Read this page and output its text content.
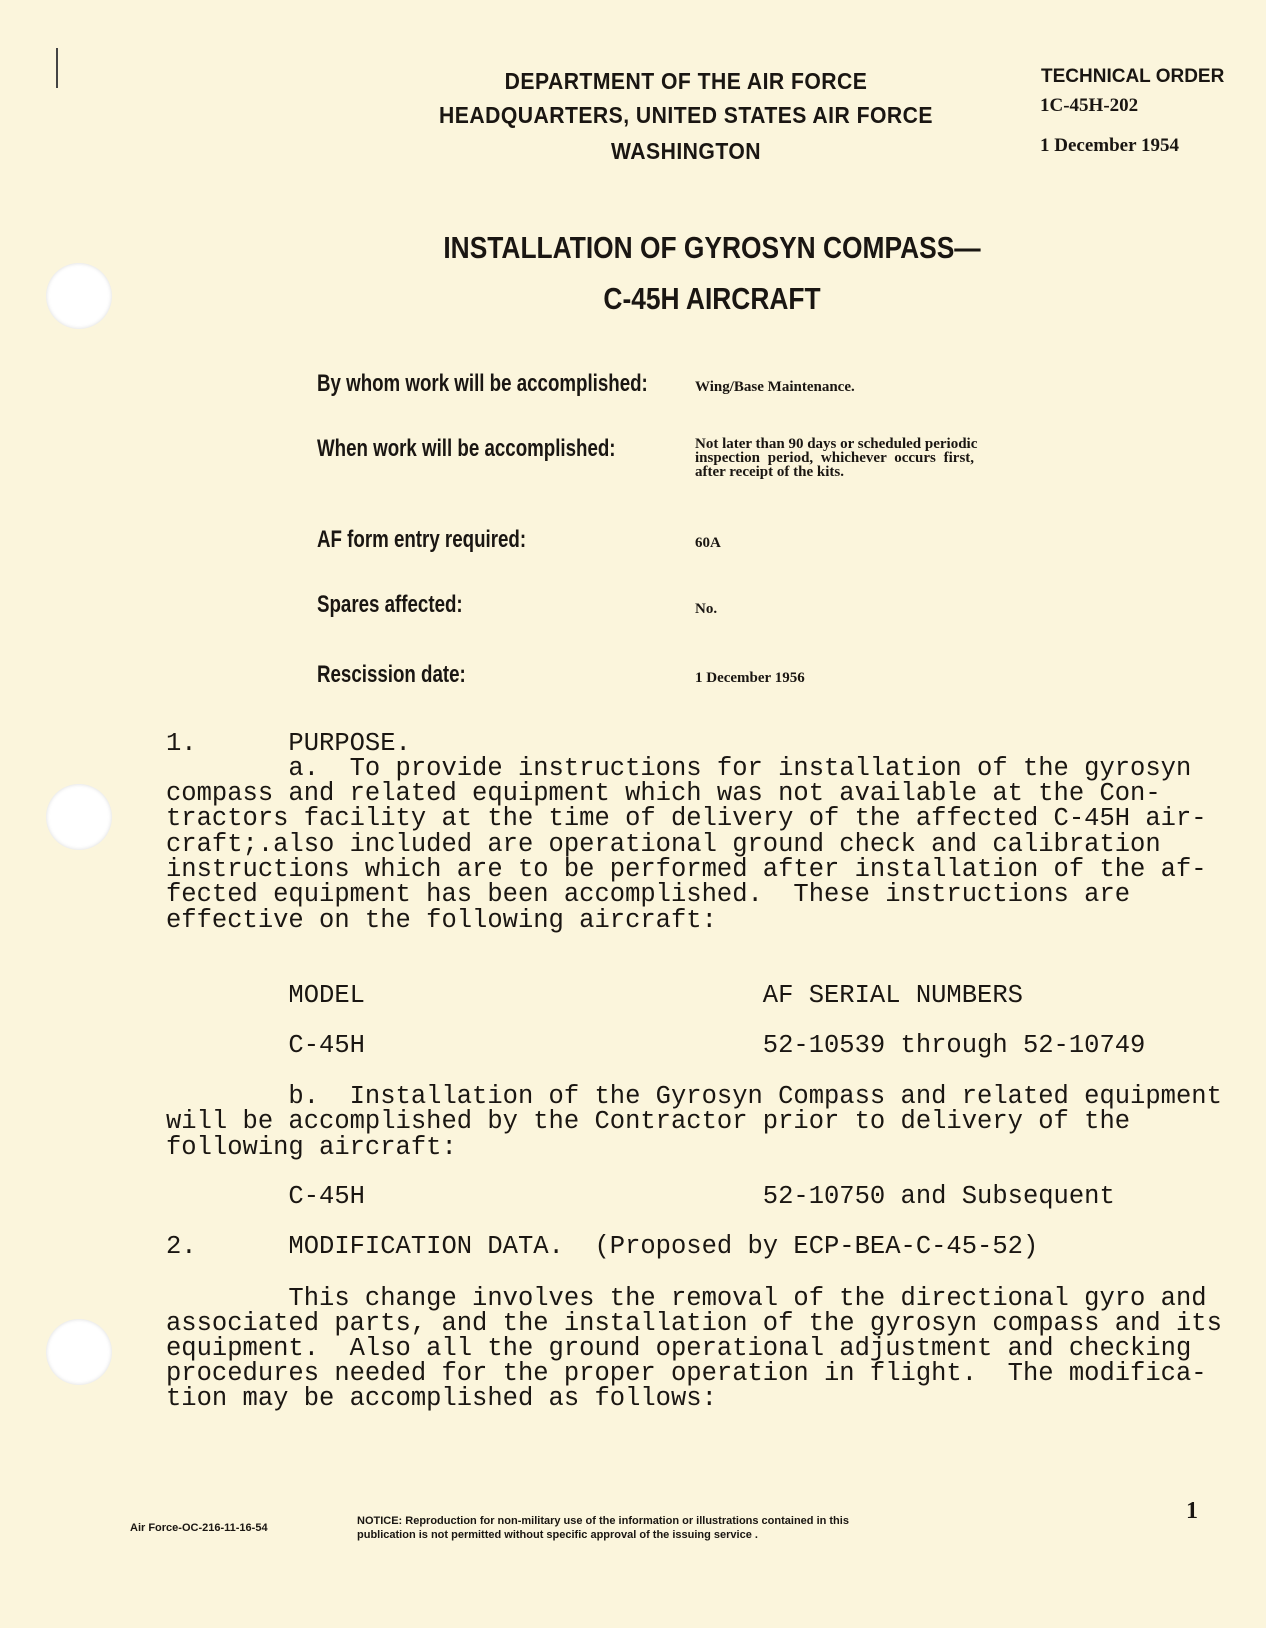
DEPARTMENT OF THE AIR FORCE
HEADQUARTERS, UNITED STATES AIR FORCE
WASHINGTON
TECHNICAL ORDER
1C-45H-202
1 December 1954
INSTALLATION OF GYROSYN COMPASS—
C-45H AIRCRAFT
By whom work will be accomplished:	Wing/Base Maintenance.
When work will be accomplished:	Not later than 90 days or scheduled periodic
inspection period, whichever occurs first,
after receipt of the kits.
AF form entry required:	60A
Spares affected:	No.
Rescission date:	1 December 1956
1.      PURPOSE.
a.  To provide instructions for installation of the gyrosyn
compass and related equipment which was not available at the Con-
tractors facility at the time of delivery of the affected C-45H air-
craft;.also included are operational ground check and calibration
instructions which are to be performed after installation of the af-
fected equipment has been accomplished.  These instructions are
effective on the following aircraft:
MODEL                          AF SERIAL NUMBERS
C-45H                          52-10539 through 52-10749
b.  Installation of the Gyrosyn Compass and related equipment
will be accomplished by the Contractor prior to delivery of the
following aircraft:
C-45H                          52-10750 and Subsequent
2.      MODIFICATION DATA.  (Proposed by ECP-BEA-C-45-52)
This change involves the removal of the directional gyro and
associated parts, and the installation of the gyrosyn compass and its
equipment.  Also all the ground operational adjustment and checking
procedures needed for the proper operation in flight.  The modifica-
tion may be accomplished as follows:
Air Force-OC-216-11-16-54
NOTICE: Reproduction for non-military use of the information or illustrations contained in this
publication is not permitted without specific approval of the issuing service .
1
